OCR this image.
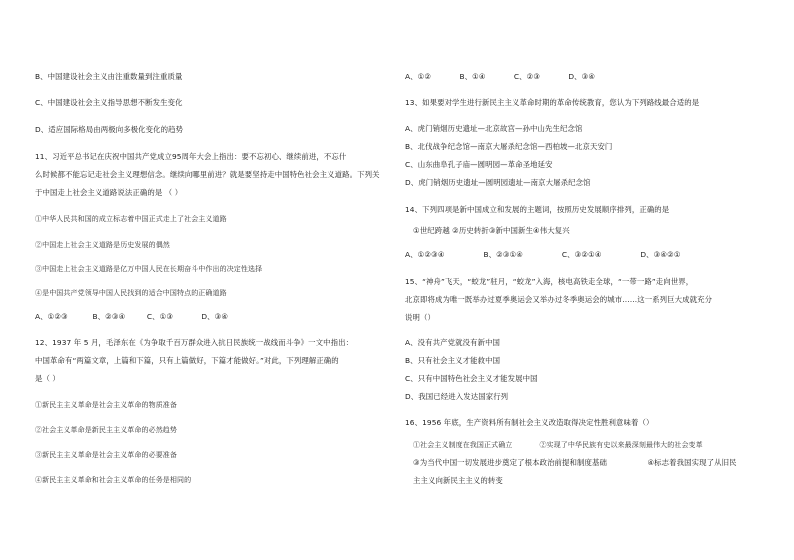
B、中国建设社会主义由注重数量到注重质量
C、中国建设社会主义指导思想不断发生变化
D、适应国际格局由两极向多极化变化的趋势
11、习近平总书记在庆祝中国共产党成立95周年大会上指出：要不忘初心、继续前进，不忘什
么时候都不能忘记走社会主义理想信念。继续向哪里前进？就是要坚持走中国特色社会主义道路。下列关
于中国走上社会主义道路说法正确的是 （ ）
①中华人民共和国的成立标志着中国正式走上了社会主义道路
②中国走上社会主义道路是历史发展的偶然
③中国走上社会主义道路是亿万中国人民在长期奋斗中作出的决定性选择
④是中国共产党领导中国人民找到的适合中国特点的正确道路
A、①②③	B、②③④	C、①③	D、③④
12、1937 年 5 月，毛泽东在《为争取千百万群众进入抗日民族统一战线而斗争》一文中指出：
中国革命有“两篇文章，上篇和下篇，只有上篇做好，下篇才能做好。”对此，下列理解正确的
是（ ）
①新民主主义革命是社会主义革命的物质准备
②社会主义革命是新民主主义革命的必然趋势
③新民主主义革命是社会主义革命的必要准备
④新民主主义革命和社会主义革命的任务是相同的
A、①②	B、①④	C、②③	D、③④
13、如果要对学生进行新民主主义革命时期的革命传统教育，您认为下列路线最合适的是
A、虎门销烟历史遗址—北京故宫—孙中山先生纪念馆
B、北伐战争纪念馆—南京大屠杀纪念馆—西柏坡—北京天安门
C、山东曲阜孔子庙—圆明园—革命圣地延安
D、虎门销烟历史遗址—圆明园遗址—南京大屠杀纪念馆
14、下列四项是新中国成立和发展的主题词，按照历史发展顺序排列，正确的是
①世纪跨越 ②历史转折③新中国新生④伟大复兴
A、①②③④	B、②③①④	C、③②①④	D、③④②①
15、“神舟”飞天，“蛟龙”驻月，“蛟龙”入海，核电高铁走全球，“一带一路”走向世界，
北京即将成为唯一既举办过夏季奥运会又举办过冬季奥运会的城市……这一系列巨大成就充分
说明（）
A、没有共产党就没有新中国
B、只有社会主义才能救中国
C、只有中国特色社会主义才能发展中国
D、我国已经进入发达国家行列
16、1956 年底，生产资料所有制社会主义改造取得决定性胜利意味着（）
①社会主义制度在我国正式确立	②实现了中华民族有史以来最深刻最伟大的社会变革
③为当代中国一切发展进步奠定了根本政治前提和制度基础	④标志着我国实现了从旧民
主主义向新民主主义的转变
